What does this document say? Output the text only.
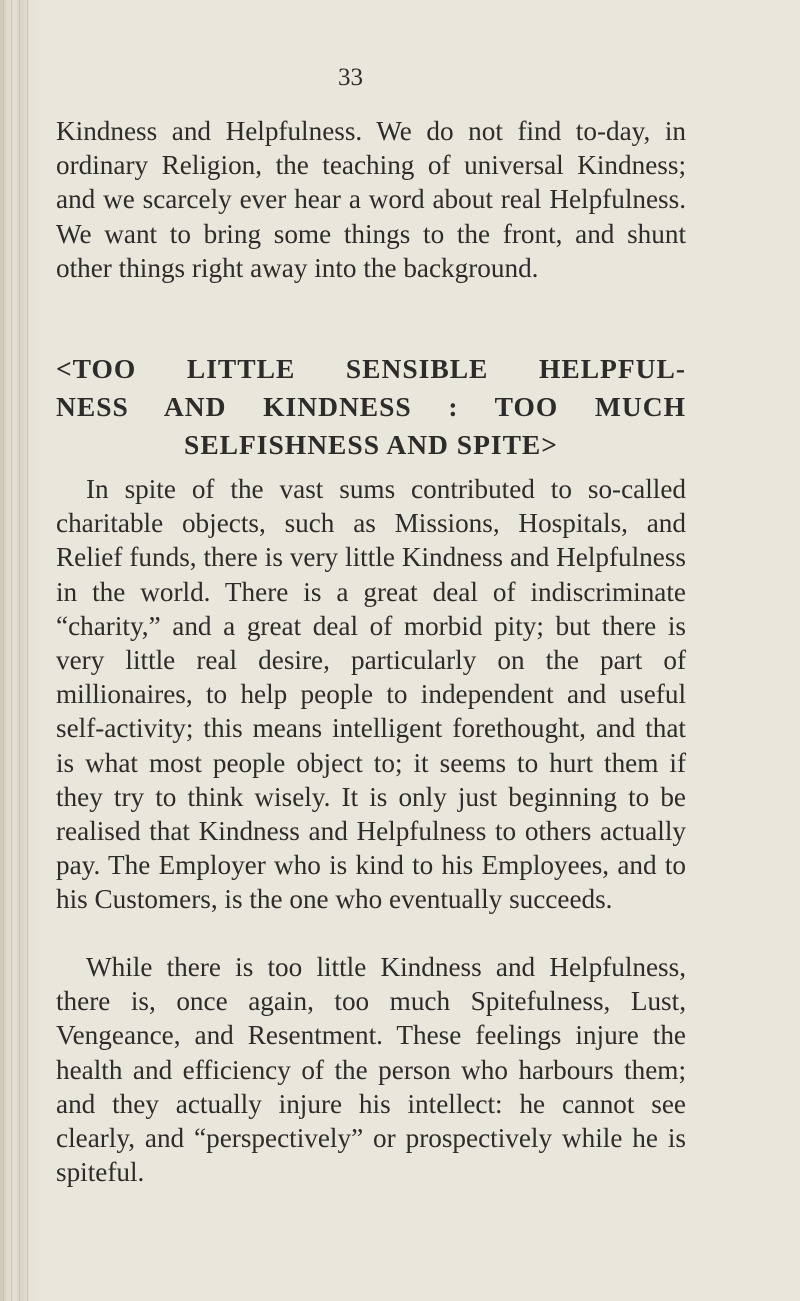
33

Kindness and Helpfulness. We do not find to-day, in ordinary Religion, the teaching of universal Kindness; and we scarcely ever hear a word about real Helpfulness. We want to bring some things to the front, and shunt other things right away into the background.

<TOO LITTLE SENSIBLE HELPFUL-
NESS AND KINDNESS : TOO MUCH
SELFISHNESS AND SPITE>

In spite of the vast sums contributed to so-called charitable objects, such as Missions, Hospitals, and Relief funds, there is very little Kindness and Helpfulness in the world. There is a great deal of indiscriminate “charity,” and a great deal of morbid pity; but there is very little real desire, particularly on the part of millionaires, to help people to independent and useful self-activity; this means intelligent forethought, and that is what most people object to; it seems to hurt them if they try to think wisely. It is only just beginning to be realised that Kindness and Helpfulness to others actually pay. The Employer who is kind to his Employees, and to his Customers, is the one who eventually succeeds.

While there is too little Kindness and Helpfulness, there is, once again, too much Spitefulness, Lust, Vengeance, and Resentment. These feelings injure the health and efficiency of the person who harbours them; and they actually injure his intellect: he cannot see clearly, and “perspectively” or prospectively while he is spiteful.
